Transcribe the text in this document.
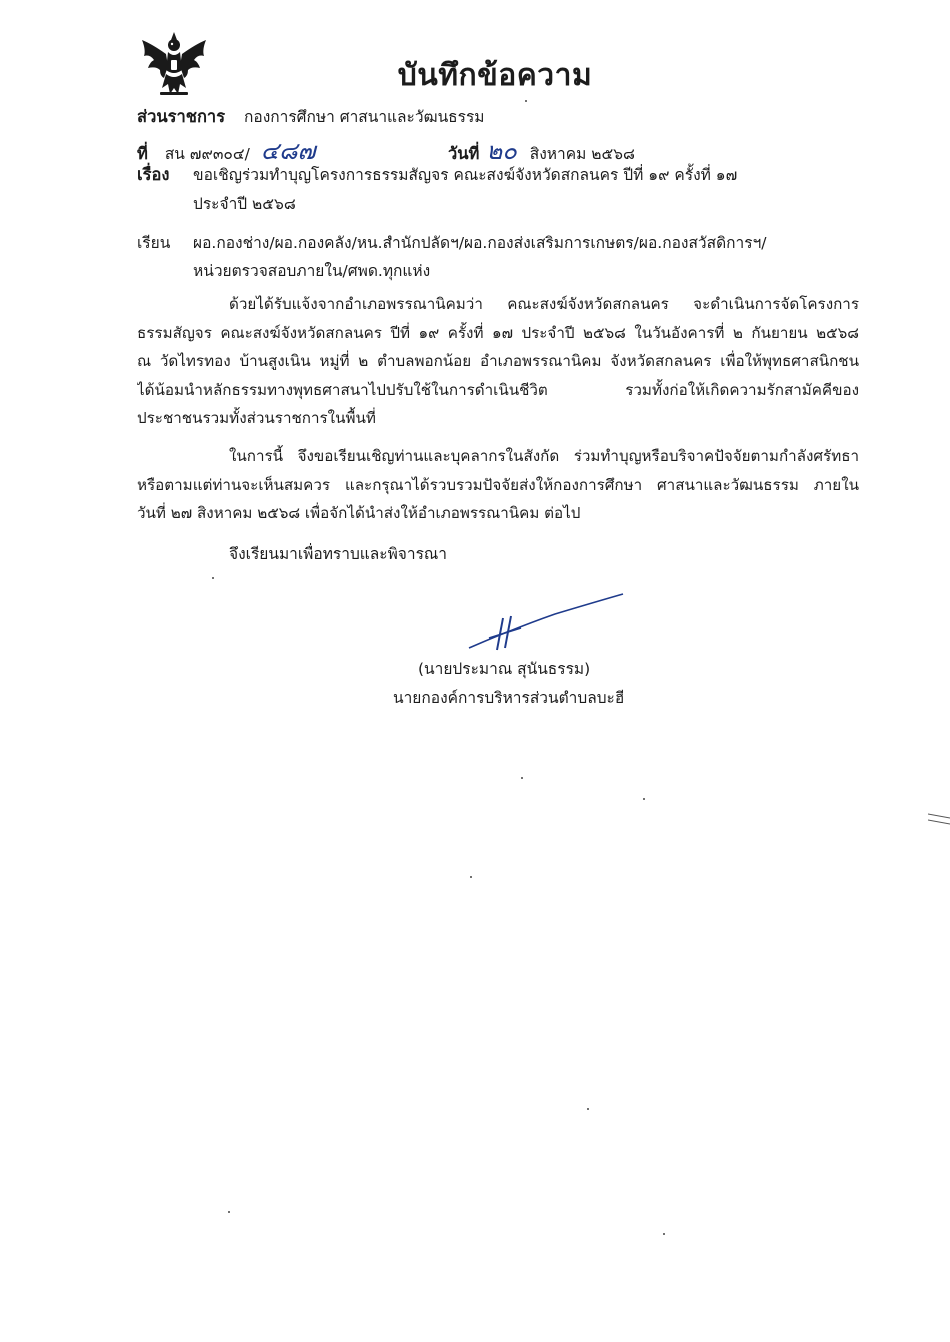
บันทึกข้อความ
ส่วนราชการ กองการศึกษา ศาสนาและวัฒนธรรม
ที่ สน ๗๙๓๐๔/ ๔๘๗	วันที่ ๒๐ สิงหาคม ๒๕๖๘
เรื่อง ขอเชิญร่วมทำบุญโครงการธรรมสัญจร คณะสงฆ์จังหวัดสกลนคร ปีที่ ๑๙ ครั้งที่ ๑๗
ประจำปี ๒๕๖๘
เรียน ผอ.กองช่าง/ผอ.กองคลัง/หน.สำนักปลัดฯ/ผอ.กองส่งเสริมการเกษตร/ผอ.กองสวัสดิการฯ/
หน่วยตรวจสอบภายใน/ศพด.ทุกแห่ง
ด้วยได้รับแจ้งจากอำเภอพรรณานิคมว่า คณะสงฆ์จังหวัดสกลนคร จะดำเนินการจัดโครงการ
ธรรมสัญจร คณะสงฆ์จังหวัดสกลนคร ปีที่ ๑๙ ครั้งที่ ๑๗ ประจำปี ๒๕๖๘ ในวันอังคารที่ ๒ กันยายน ๒๕๖๘
ณ วัดไทรทอง บ้านสูงเนิน หมู่ที่ ๒ ตำบลพอกน้อย อำเภอพรรณานิคม จังหวัดสกลนคร เพื่อให้พุทธศาสนิกชน
ได้น้อมนำหลักธรรมทางพุทธศาสนาไปปรับใช้ในการดำเนินชีวิต รวมทั้งก่อให้เกิดความรักสามัคคีของ
ประชาชนรวมทั้งส่วนราชการในพื้นที่
ในการนี้ จึงขอเรียนเชิญท่านและบุคลากรในสังกัด ร่วมทำบุญหรือบริจาคปัจจัยตามกำลังศรัทธา
หรือตามแต่ท่านจะเห็นสมควร และกรุณาได้รวบรวมปัจจัยส่งให้กองการศึกษา ศาสนาและวัฒนธรรม ภายใน
วันที่ ๒๗ สิงหาคม ๒๕๖๘ เพื่อจักได้นำส่งให้อำเภอพรรณานิคม ต่อไป
จึงเรียนมาเพื่อทราบและพิจารณา
(นายประมาณ สุนันธรรม)
นายกองค์การบริหารส่วนตำบลบะฮี
